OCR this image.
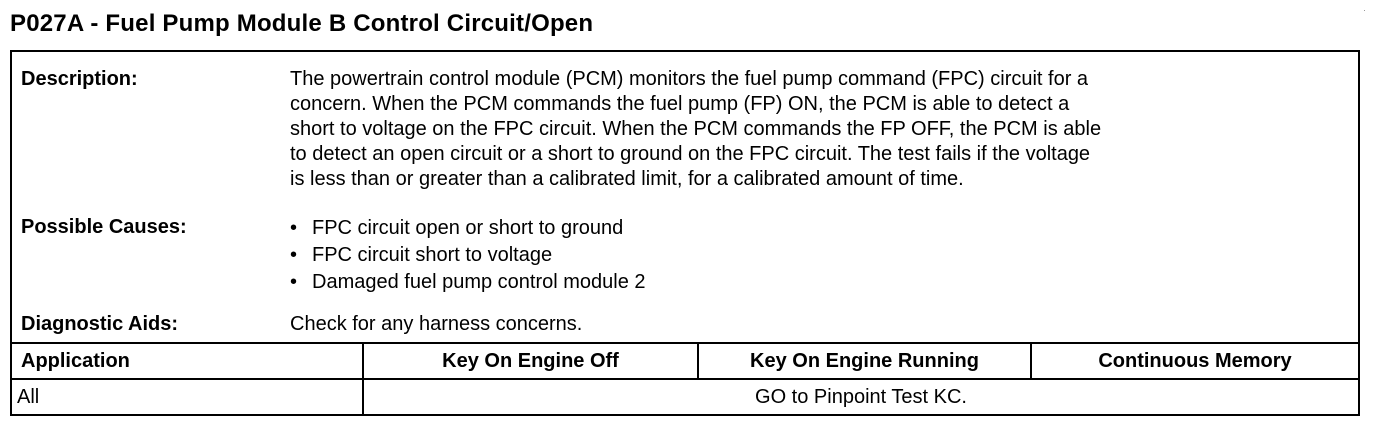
P027A - Fuel Pump Module B Control Circuit/Open
Description:	The powertrain control module (PCM) monitors the fuel pump command (FPC) circuit for a
concern. When the PCM commands the fuel pump (FP) ON, the PCM is able to detect a
short to voltage on the FPC circuit. When the PCM commands the FP OFF, the PCM is able
to detect an open circuit or a short to ground on the FPC circuit. The test fails if the voltage
is less than or greater than a calibrated limit, for a calibrated amount of time.
Possible Causes:	• FPC circuit open or short to ground
• FPC circuit short to voltage
• Damaged fuel pump control module 2
Diagnostic Aids:	Check for any harness concerns.
Application	Key On Engine Off	Key On Engine Running	Continuous Memory
All	GO to Pinpoint Test KC.
